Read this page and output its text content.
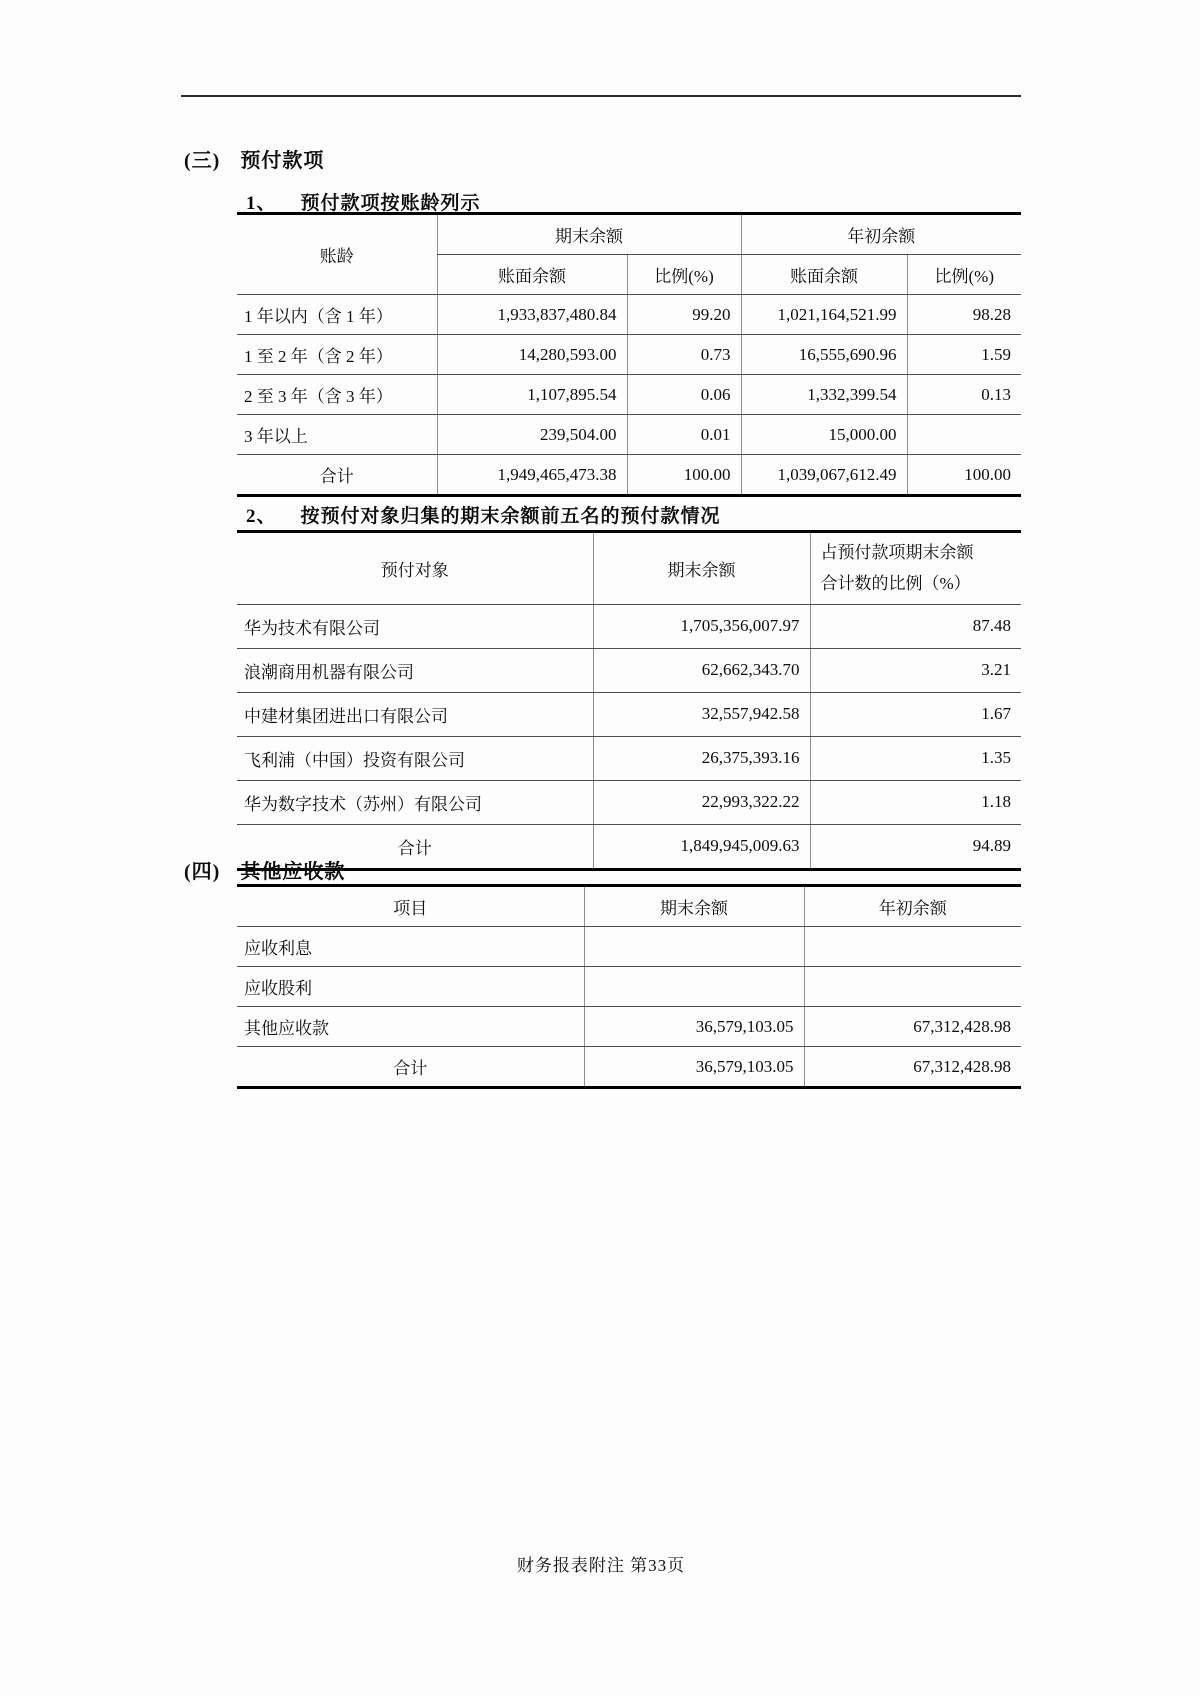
(三) 预付款项
1、 预付款项按账龄列示
账龄	期末余额		年初余额	
	账面余额	比例(%)	账面余额	比例(%)
1 年以内（含 1 年）	1,933,837,480.84	99.20	1,021,164,521.99	98.28
1 至 2 年（含 2 年）	14,280,593.00	0.73	16,555,690.96	1.59
2 至 3 年（含 3 年）	1,107,895.54	0.06	1,332,399.54	0.13
3 年以上	239,504.00	0.01	15,000.00	
合计	1,949,465,473.38	100.00	1,039,067,612.49	100.00
2、 按预付对象归集的期末余额前五名的预付款情况
预付对象	期末余额	占预付款项期末余额
合计数的比例（%）

华为技术有限公司	1,705,356,007.97	87.48
浪潮商用机器有限公司	62,662,343.70	3.21
中建材集团进出口有限公司	32,557,942.58	1.67
飞利浦（中国）投资有限公司	26,375,393.16	1.35
华为数字技术（苏州）有限公司	22,993,322.22	1.18
合计	1,849,945,009.63	94.89
(四) 其他应收款
项目	期末余额	年初余额
应收利息		
应收股利		
其他应收款	36,579,103.05	67,312,428.98
合计	36,579,103.05	67,312,428.98
财务报表附注 第33页
